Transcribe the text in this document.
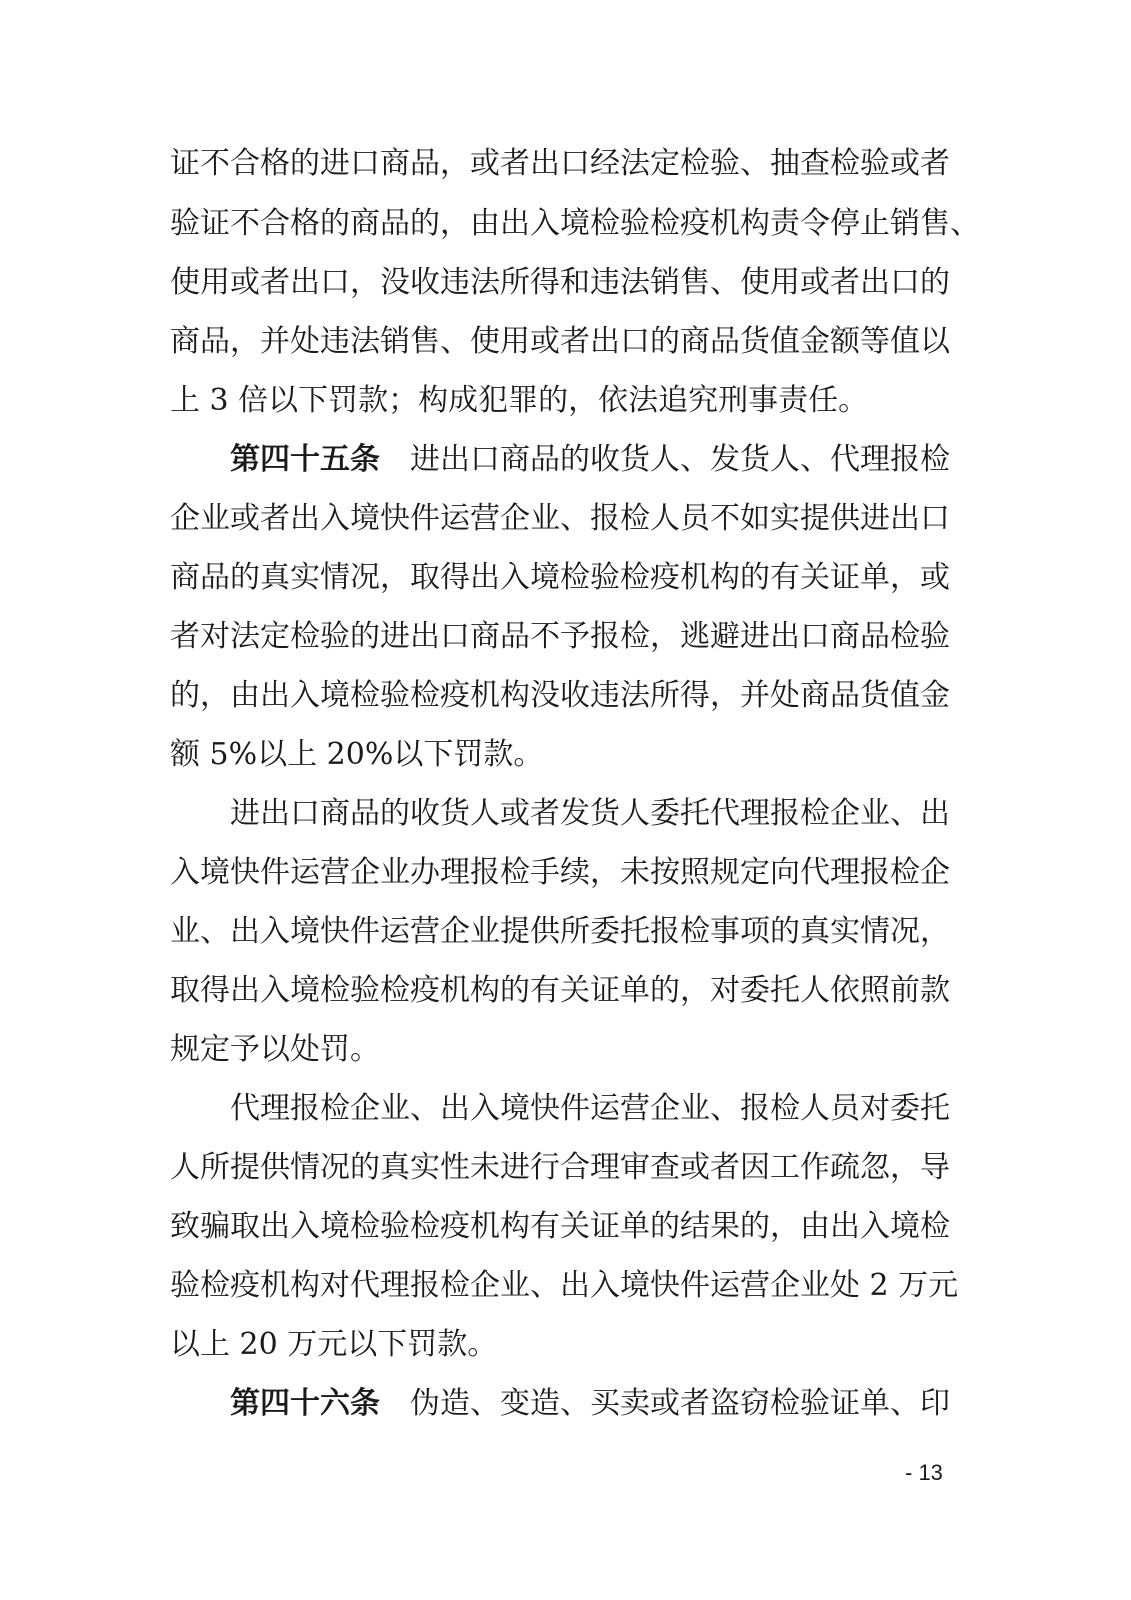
证不合格的进口商品，或者出口经法定检验、抽查检验或者
验证不合格的商品的，由出入境检验检疫机构责令停止销售、
使用或者出口，没收违法所得和违法销售、使用或者出口的
商品，并处违法销售、使用或者出口的商品货值金额等值以
上 3 倍以下罚款；构成犯罪的，依法追究刑事责任。
第四十五条 进出口商品的收货人、发货人、代理报检
企业或者出入境快件运营企业、报检人员不如实提供进出口
商品的真实情况，取得出入境检验检疫机构的有关证单，或
者对法定检验的进出口商品不予报检，逃避进出口商品检验
的，由出入境检验检疫机构没收违法所得，并处商品货值金
额 5%以上 20%以下罚款。
进出口商品的收货人或者发货人委托代理报检企业、出
入境快件运营企业办理报检手续，未按照规定向代理报检企
业、出入境快件运营企业提供所委托报检事项的真实情况，
取得出入境检验检疫机构的有关证单的，对委托人依照前款
规定予以处罚。
代理报检企业、出入境快件运营企业、报检人员对委托
人所提供情况的真实性未进行合理审查或者因工作疏忽，导
致骗取出入境检验检疫机构有关证单的结果的，由出入境检
验检疫机构对代理报检企业、出入境快件运营企业处 2 万元
以上 20 万元以下罚款。
第四十六条 伪造、变造、买卖或者盗窃检验证单、印
- 13
